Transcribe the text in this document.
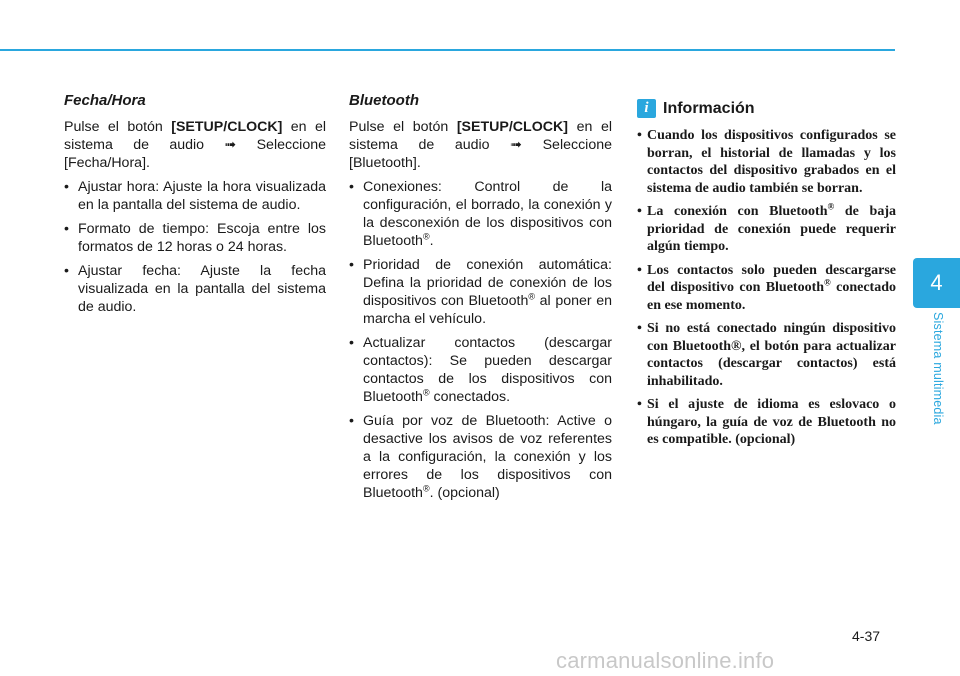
4
Sistema multimedia
Fecha/Hora

Pulse el botón [SETUP/CLOCK] en el sistema de audio ➟ Seleccione [Fecha/Hora].

• Ajustar hora: Ajuste la hora visualizada en la pantalla del sistema de audio.
• Formato de tiempo: Escoja entre los formatos de 12 horas o 24 horas.
• Ajustar fecha: Ajuste la fecha visualizada en la pantalla del sistema de audio.
Bluetooth

Pulse el botón [SETUP/CLOCK] en el sistema de audio ➟ Seleccione [Bluetooth].

• Conexiones: Control de la configuración, el borrado, la conexión y la desconexión de los dispositivos con Bluetooth®.
• Prioridad de conexión automática: Defina la prioridad de conexión de los dispositivos con Bluetooth® al poner en marcha el vehículo.
• Actualizar contactos (descargar contactos): Se pueden descargar contactos de los dispositivos con Bluetooth® conectados.
• Guía por voz de Bluetooth: Active o desactive los avisos de voz referentes a la configuración, la conexión y los errores de los dispositivos con Bluetooth®. (opcional)
i Información
• Cuando los dispositivos configurados se borran, el historial de llamadas y los contactos del dispositivo grabados en el sistema de audio también se borran.
• La conexión con Bluetooth® de baja prioridad de conexión puede requerir algún tiempo.
• Los contactos solo pueden descargarse del dispositivo con Bluetooth® conectado en ese momento.
• Si no está conectado ningún dispositivo con Bluetooth®, el botón para actualizar contactos (descargar contactos) está inhabilitado.
• Si el ajuste de idioma es eslovaco o húngaro, la guía de voz de Bluetooth no es compatible. (opcional)
4-37
carmanualsonline.info
